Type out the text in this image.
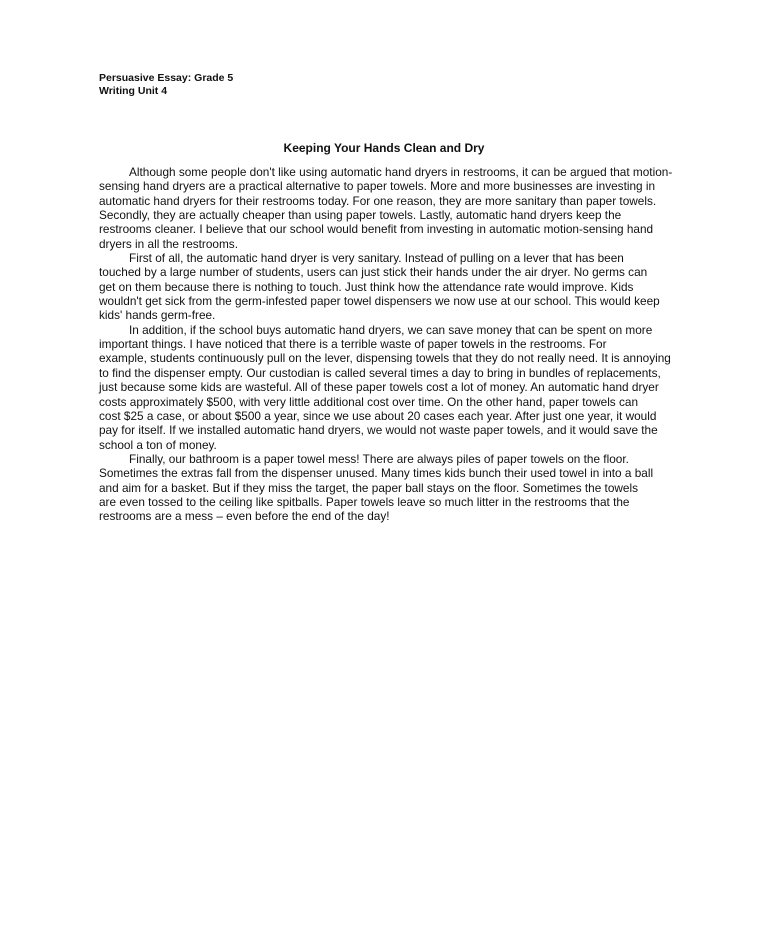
Persuasive Essay: Grade 5
Writing Unit 4
Keeping Your Hands Clean and Dry
Although some people don't like using automatic hand dryers in restrooms, it can be argued that motion-
sensing hand dryers are a practical alternative to paper towels. More and more businesses are investing in
automatic hand dryers for their restrooms today. For one reason, they are more sanitary than paper towels.
Secondly, they are actually cheaper than using paper towels. Lastly, automatic hand dryers keep the
restrooms cleaner. I believe that our school would benefit from investing in automatic motion-sensing hand
dryers in all the restrooms.
First of all, the automatic hand dryer is very sanitary. Instead of pulling on a lever that has been
touched by a large number of students, users can just stick their hands under the air dryer. No germs can
get on them because there is nothing to touch. Just think how the attendance rate would improve. Kids
wouldn't get sick from the germ-infested paper towel dispensers we now use at our school. This would keep
kids' hands germ-free.
In addition, if the school buys automatic hand dryers, we can save money that can be spent on more
important things. I have noticed that there is a terrible waste of paper towels in the restrooms. For
example, students continuously pull on the lever, dispensing towels that they do not really need. It is annoying
to find the dispenser empty. Our custodian is called several times a day to bring in bundles of replacements,
just because some kids are wasteful. All of these paper towels cost a lot of money. An automatic hand dryer
costs approximately $500, with very little additional cost over time. On the other hand, paper towels can
cost $25 a case, or about $500 a year, since we use about 20 cases each year. After just one year, it would
pay for itself. If we installed automatic hand dryers, we would not waste paper towels, and it would save the
school a ton of money.
Finally, our bathroom is a paper towel mess! There are always piles of paper towels on the floor.
Sometimes the extras fall from the dispenser unused. Many times kids bunch their used towel in into a ball
and aim for a basket. But if they miss the target, the paper ball stays on the floor. Sometimes the towels
are even tossed to the ceiling like spitballs. Paper towels leave so much litter in the restrooms that the
restrooms are a mess – even before the end of the day!
